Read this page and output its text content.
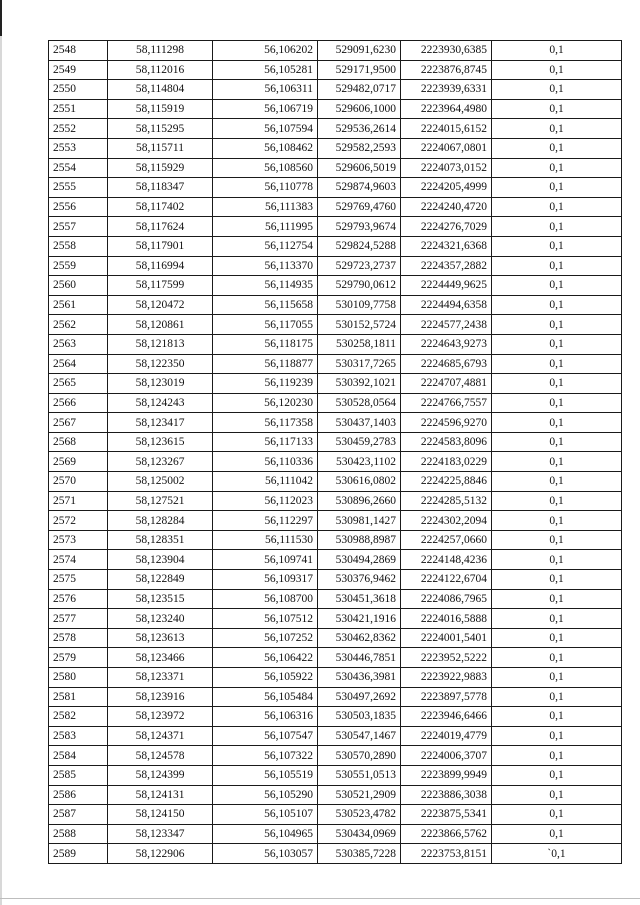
2548	58,111298	56,106202	529091,6230	2223930,6385	0,1
2549	58,112016	56,105281	529171,9500	2223876,8745	0,1
2550	58,114804	56,106311	529482,0717	2223939,6331	0,1
2551	58,115919	56,106719	529606,1000	2223964,4980	0,1
2552	58,115295	56,107594	529536,2614	2224015,6152	0,1
2553	58,115711	56,108462	529582,2593	2224067,0801	0,1
2554	58,115929	56,108560	529606,5019	2224073,0152	0,1
2555	58,118347	56,110778	529874,9603	2224205,4999	0,1
2556	58,117402	56,111383	529769,4760	2224240,4720	0,1
2557	58,117624	56,111995	529793,9674	2224276,7029	0,1
2558	58,117901	56,112754	529824,5288	2224321,6368	0,1
2559	58,116994	56,113370	529723,2737	2224357,2882	0,1
2560	58,117599	56,114935	529790,0612	2224449,9625	0,1
2561	58,120472	56,115658	530109,7758	2224494,6358	0,1
2562	58,120861	56,117055	530152,5724	2224577,2438	0,1
2563	58,121813	56,118175	530258,1811	2224643,9273	0,1
2564	58,122350	56,118877	530317,7265	2224685,6793	0,1
2565	58,123019	56,119239	530392,1021	2224707,4881	0,1
2566	58,124243	56,120230	530528,0564	2224766,7557	0,1
2567	58,123417	56,117358	530437,1403	2224596,9270	0,1
2568	58,123615	56,117133	530459,2783	2224583,8096	0,1
2569	58,123267	56,110336	530423,1102	2224183,0229	0,1
2570	58,125002	56,111042	530616,0802	2224225,8846	0,1
2571	58,127521	56,112023	530896,2660	2224285,5132	0,1
2572	58,128284	56,112297	530981,1427	2224302,2094	0,1
2573	58,128351	56,111530	530988,8987	2224257,0660	0,1
2574	58,123904	56,109741	530494,2869	2224148,4236	0,1
2575	58,122849	56,109317	530376,9462	2224122,6704	0,1
2576	58,123515	56,108700	530451,3618	2224086,7965	0,1
2577	58,123240	56,107512	530421,1916	2224016,5888	0,1
2578	58,123613	56,107252	530462,8362	2224001,5401	0,1
2579	58,123466	56,106422	530446,7851	2223952,5222	0,1
2580	58,123371	56,105922	530436,3981	2223922,9883	0,1
2581	58,123916	56,105484	530497,2692	2223897,5778	0,1
2582	58,123972	56,106316	530503,1835	2223946,6466	0,1
2583	58,124371	56,107547	530547,1467	2224019,4779	0,1
2584	58,124578	56,107322	530570,2890	2224006,3707	0,1
2585	58,124399	56,105519	530551,0513	2223899,9949	0,1
2586	58,124131	56,105290	530521,2909	2223886,3038	0,1
2587	58,124150	56,105107	530523,4782	2223875,5341	0,1
2588	58,123347	56,104965	530434,0969	2223866,5762	0,1
2589	58,122906	56,103057	530385,7228	2223753,8151	`0,1
